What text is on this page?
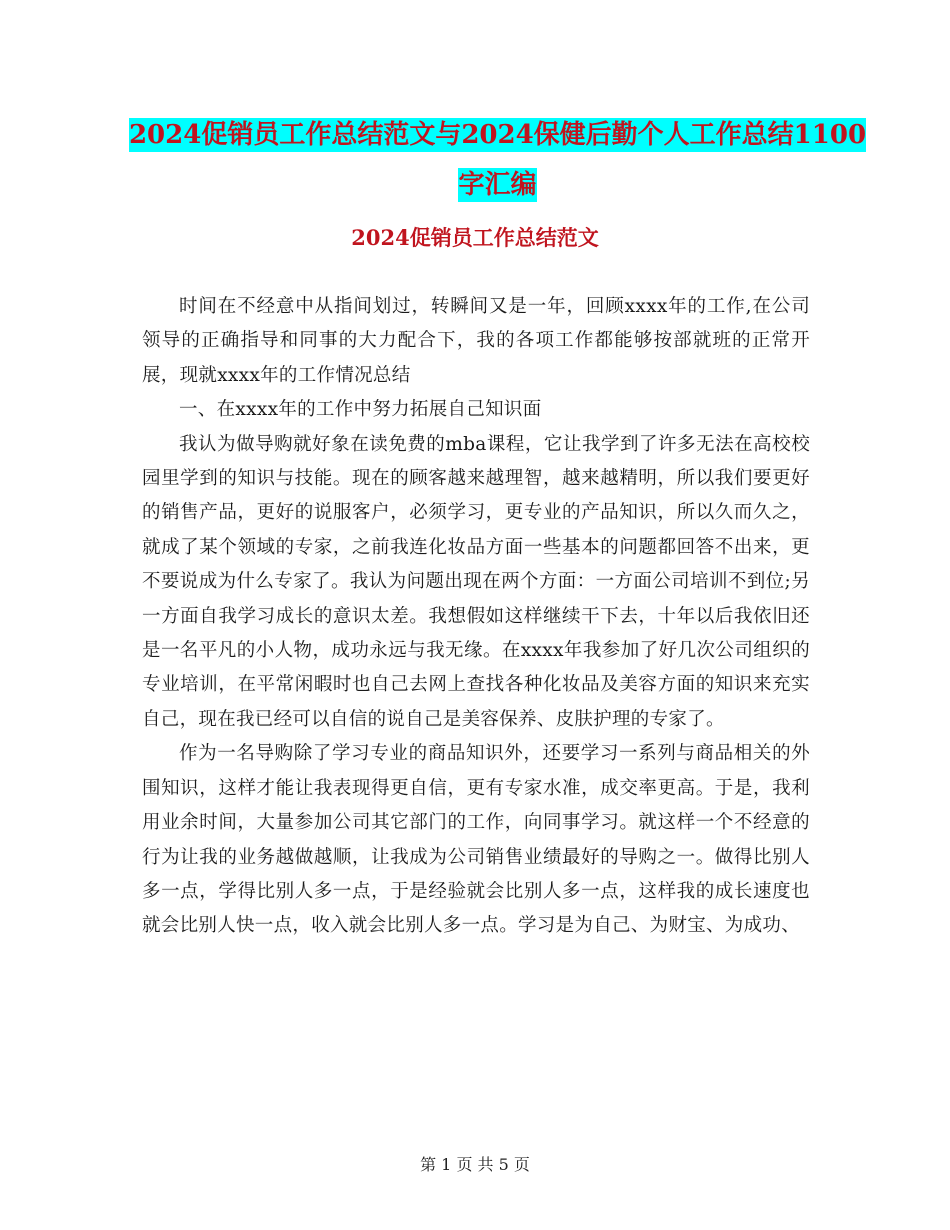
2024促销员工作总结范文与2024保健后勤个人工作总结1100字汇编
2024促销员工作总结范文

时间在不经意中从指间划过，转瞬间又是一年，回顾xxxx年的工作,在公司领导的正确指导和同事的大力配合下，我的各项工作都能够按部就班的正常开展，现就xxxx年的工作情况总结

一、在xxxx年的工作中努力拓展自己知识面

我认为做导购就好象在读免费的mba课程，它让我学到了许多无法在高校校园里学到的知识与技能。现在的顾客越来越理智，越来越精明，所以我们要更好的销售产品，更好的说服客户，必须学习，更专业的产品知识，所以久而久之，就成了某个领域的专家，之前我连化妆品方面一些基本的问题都回答不出来，更不要说成为什么专家了。我认为问题出现在两个方面：一方面公司培训不到位;另一方面自我学习成长的意识太差。我想假如这样继续干下去，十年以后我依旧还是一名平凡的小人物，成功永远与我无缘。在xxxx年我参加了好几次公司组织的专业培训，在平常闲暇时也自己去网上查找各种化妆品及美容方面的知识来充实自己，现在我已经可以自信的说自己是美容保养、皮肤护理的专家了。

作为一名导购除了学习专业的商品知识外，还要学习一系列与商品相关的外围知识，这样才能让我表现得更自信，更有专家水准，成交率更高。于是，我利用业余时间，大量参加公司其它部门的工作，向同事学习。就这样一个不经意的行为让我的业务越做越顺，让我成为公司销售业绩最好的导购之一。做得比别人多一点，学得比别人多一点，于是经验就会比别人多一点，这样我的成长速度也就会比别人快一点，收入就会比别人多一点。学习是为自己、为财宝、为成功、

第 1 页 共 5 页
